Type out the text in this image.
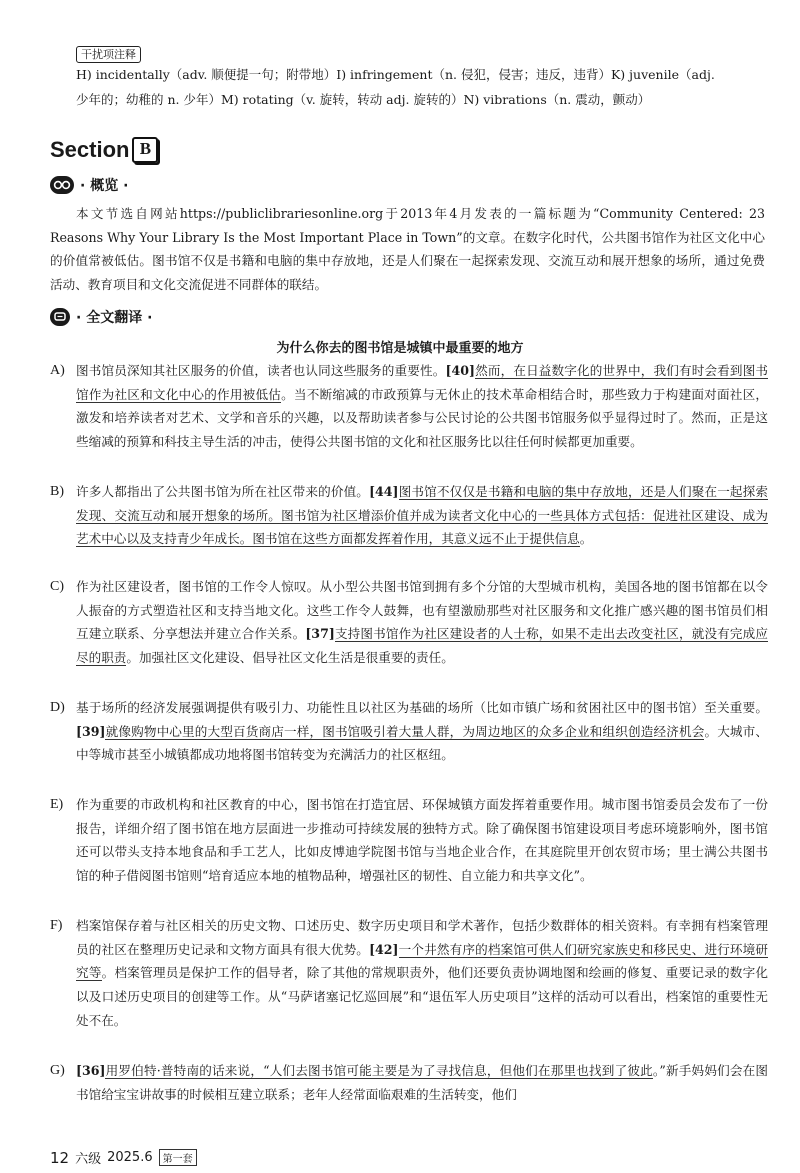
干扰项注释
H) incidentally（adv. 顺便提一句；附带地）I) infringement（n. 侵犯，侵害；违反，违背）K) juvenile（adj.
少年的；幼稚的 n. 少年）M) rotating（v. 旋转，转动 adj. 旋转的）N) vibrations（n. 震动，颤动）
Section B
· 概览 ·
本文节选自网站https://publiclibrariesonline.org于2013年4月发表的一篇标题为“Community Centered: 23 Reasons Why Your Library Is the Most Important Place in Town”的文章。在数字化时代，公共图书馆作为社区文化中心的价值常被低估。图书馆不仅是书籍和电脑的集中存放地，还是人们聚在一起探索发现、交流互动和展开想象的场所，通过免费活动、教育项目和文化交流促进不同群体的联结。
· 全文翻译 ·
为什么你去的图书馆是城镇中最重要的地方
A) 图书馆员深知其社区服务的价值，读者也认同这些服务的重要性。[40]然而，在日益数字化的世界中，我们有时会看到图书馆作为社区和文化中心的作用被低估。当不断缩减的市政预算与无休止的技术革命相结合时，那些致力于构建面对面社区，激发和培养读者对艺术、文学和音乐的兴趣，以及帮助读者参与公民讨论的公共图书馆服务似乎显得过时了。然而，正是这些缩减的预算和科技主导生活的冲击，使得公共图书馆的文化和社区服务比以往任何时候都更加重要。
B) 许多人都指出了公共图书馆为所在社区带来的价值。[44]图书馆不仅仅是书籍和电脑的集中存放地，还是人们聚在一起探索发现、交流互动和展开想象的场所。图书馆为社区增添价值并成为读者文化中心的一些具体方式包括：促进社区建设、成为艺术中心以及支持青少年成长。图书馆在这些方面都发挥着作用，其意义远不止于提供信息。
C) 作为社区建设者，图书馆的工作令人惊叹。从小型公共图书馆到拥有多个分馆的大型城市机构，美国各地的图书馆都在以令人振奋的方式塑造社区和支持当地文化。这些工作令人鼓舞，也有望激励那些对社区服务和文化推广感兴趣的图书馆员们相互建立联系、分享想法并建立合作关系。[37]支持图书馆作为社区建设者的人士称，如果不走出去改变社区，就没有完成应尽的职责。加强社区文化建设、倡导社区文化生活是很重要的责任。
D) 基于场所的经济发展强调提供有吸引力、功能性且以社区为基础的场所（比如市镇广场和贫困社区中的图书馆）至关重要。[39]就像购物中心里的大型百货商店一样，图书馆吸引着大量人群，为周边地区的众多企业和组织创造经济机会。大城市、中等城市甚至小城镇都成功地将图书馆转变为充满活力的社区枢纽。
E)	作为重要的市政机构和社区教育的中心，图书馆在打造宜居、环保城镇方面发挥着重要作用。城市图书馆委员会发布了一份报告，详细介绍了图书馆在地方层面进一步推动可持续发展的独特方式。除了确保图书馆建设项目考虑环境影响外，图书馆还可以带头支持本地食品和手工艺人，比如皮博迪学院图书馆与当地企业合作，在其庭院里开创农贸市场；里士满公共图书馆的种子借阅图书馆则“培育适应本地的植物品种，增强社区的韧性、自立能力和共享文化”。
F)	档案馆保存着与社区相关的历史文物、口述历史、数字历史项目和学术著作，包括少数群体的相关资料。有幸拥有档案管理员的社区在整理历史记录和文物方面具有很大优势。[42]一个井然有序的档案馆可供人们研究家族史和移民史、进行环境研究等。档案管理员是保护工作的倡导者，除了其他的常规职责外，他们还要负责协调地图和绘画的修复、重要记录的数字化以及口述历史项目的创建等工作。从“马萨诸塞记忆巡回展”和“退伍军人历史项目”这样的活动可以看出，档案馆的重要性无处不在。
G) [36]用罗伯特·普特南的话来说，“人们去图书馆可能主要是为了寻找信息，但他们在那里也找到了彼此。”新手妈妈们会在图书馆给宝宝讲故事的时候相互建立联系；老年人经常面临艰难的生活转变，他们
12 六级 2025.6	第一套
